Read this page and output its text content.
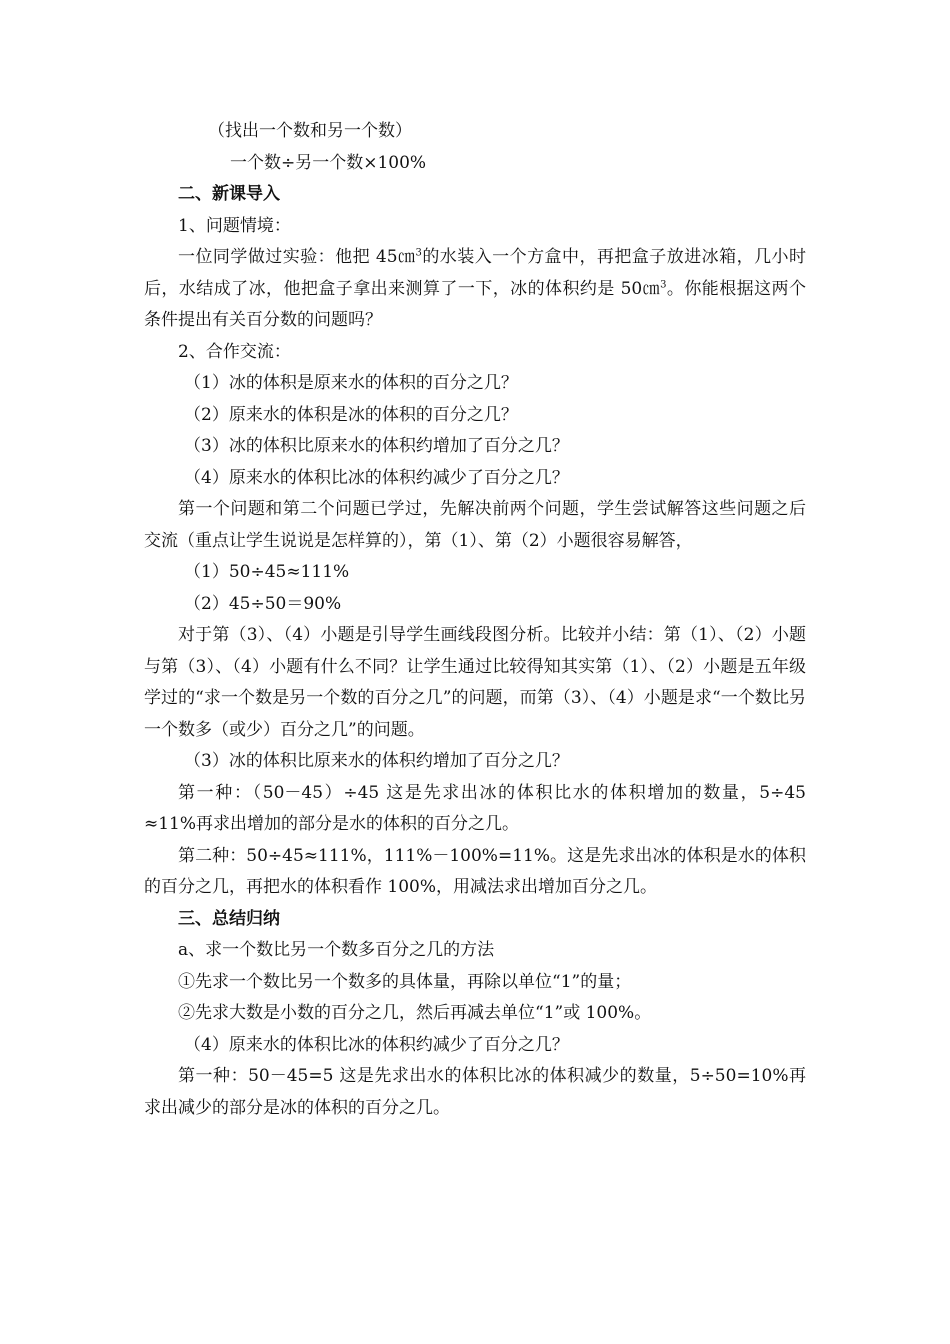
（找出一个数和另一个数）

一个数÷另一个数×100%

二、新课导入

1、问题情境：

一位同学做过实验：他把 45㎝$^3$的水装入一个方盒中，再把盒子放进冰箱，几小时后，水结成了冰，他把盒子拿出来测算了一下，冰的体积约是 50㎝$^3$。你能根据这两个条件提出有关百分数的问题吗？

2、合作交流：

（1）冰的体积是原来水的体积的百分之几？

（2）原来水的体积是冰的体积的百分之几？

（3）冰的体积比原来水的体积约增加了百分之几？

（4）原来水的体积比冰的体积约减少了百分之几？

第一个问题和第二个问题已学过，先解决前两个问题，学生尝试解答这些问题之后交流（重点让学生说说是怎样算的），第（1）、第（2）小题很容易解答，

（1）50÷45≈111%

（2）45÷50＝90%

对于第（3）、（4）小题是引导学生画线段图分析。比较并小结：第（1）、（2）小题与第（3）、（4）小题有什么不同？让学生通过比较得知其实第（1）、（2）小题是五年级学过的“求一个数是另一个数的百分之几”的问题，而第（3）、（4）小题是求“一个数比另一个数多（或少）百分之几”的问题。

（3）冰的体积比原来水的体积约增加了百分之几？

第一种：（50－45）÷45 这是先求出冰的体积比水的体积增加的数量，5÷45 ≈11%再求出增加的部分是水的体积的百分之几。

第二种：50÷45≈111%，111%－100%=11%。这是先求出冰的体积是水的体积的百分之几，再把水的体积看作 100%，用减法求出增加百分之几。

三、总结归纳

a、求一个数比另一个数多百分之几的方法

①先求一个数比另一个数多的具体量，再除以单位“1”的量；

②先求大数是小数的百分之几，然后再减去单位“1”或 100%。

（4）原来水的体积比冰的体积约减少了百分之几？

第一种：50－45=5 这是先求出水的体积比冰的体积减少的数量，5÷50=10%再求出减少的部分是冰的体积的百分之几。
